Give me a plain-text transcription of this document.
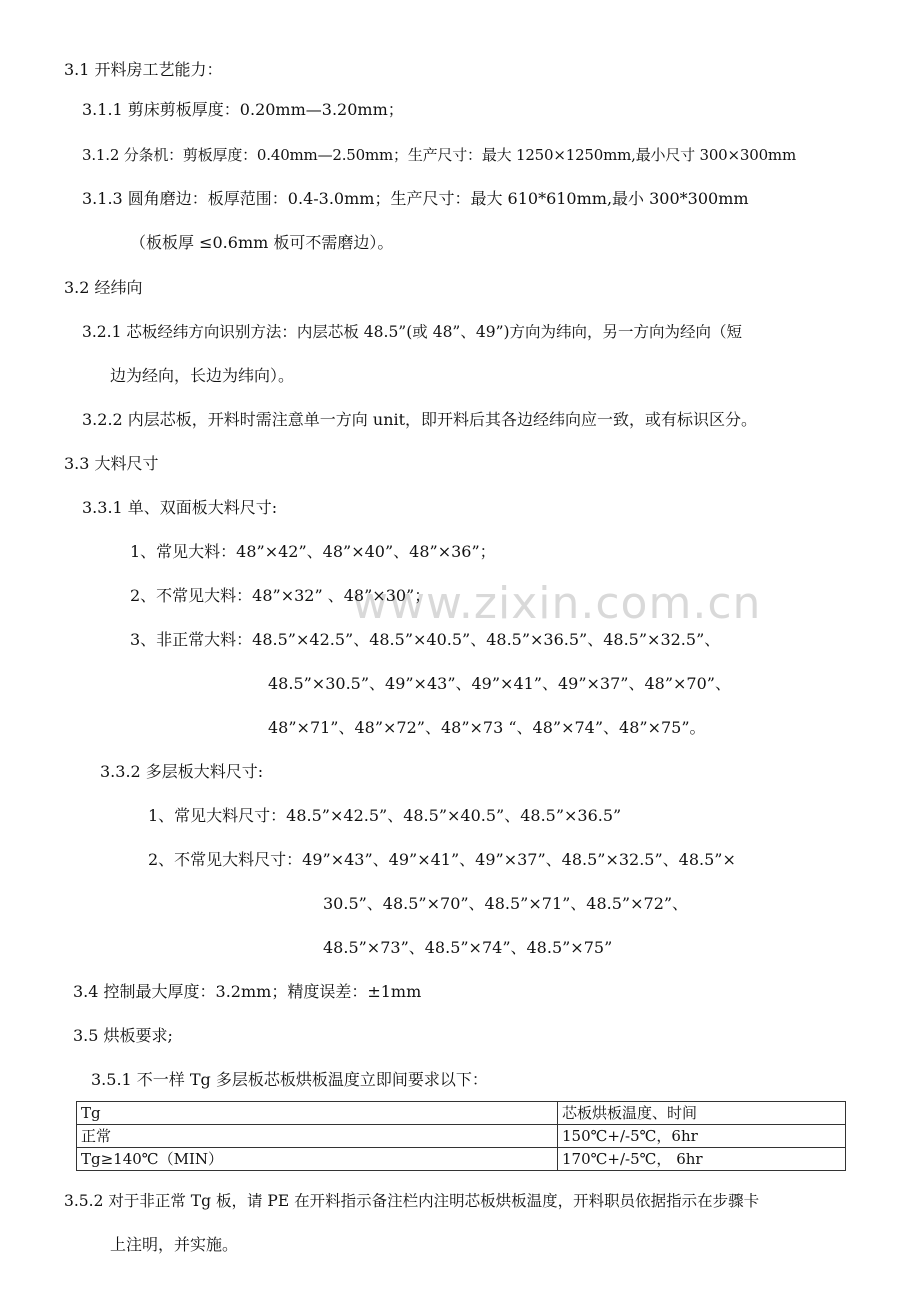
www.zixin.com.cn
3.1 开料房工艺能力：
3.1.1 剪床剪板厚度：0.20mm—3.20mm；
3.1.2 分条机：剪板厚度：0.40mm—2.50mm；生产尺寸：最大 1250×1250mm,最小尺寸 300×300mm
3.1.3 圆角磨边：板厚范围：0.4-3.0mm；生产尺寸：最大 610*610mm,最小 300*300mm
（板板厚 ≤0.6mm 板可不需磨边）。
3.2 经纬向
3.2.1 芯板经纬方向识别方法：内层芯板 48.5”(或 48”、49”)方向为纬向，另一方向为经向（短
边为经向，长边为纬向）。
3.2.2 内层芯板，开料时需注意单一方向 unit，即开料后其各边经纬向应一致，或有标识区分。
3.3 大料尺寸
3.3.1 单、双面板大料尺寸:
1、常见大料：48”×42”、48”×40”、48”×36”；
2、不常见大料：48”×32” 、48”×30”；
3、非正常大料：48.5”×42.5”、48.5”×40.5”、48.5”×36.5”、48.5”×32.5”、
48.5”×30.5”、49”×43”、49”×41”、49”×37”、48”×70”、
48”×71”、48”×72”、48”×73 “、48”×74”、48”×75”。
3.3.2 多层板大料尺寸:
1、常见大料尺寸：48.5”×42.5”、48.5”×40.5”、48.5”×36.5”
2、不常见大料尺寸：49”×43”、49”×41”、49”×37”、48.5”×32.5”、48.5”×
30.5”、48.5”×70”、48.5”×71”、48.5”×72”、
48.5”×73”、48.5”×74”、48.5”×75”
3.4 控制最大厚度：3.2mm；精度误差：±1mm
3.5 烘板要求;
3.5.1 不一样 Tg 多层板芯板烘板温度立即间要求以下：
Tg	芯板烘板温度、时间
正常	150℃+/-5℃，6hr
Tg≥140℃（MIN）	170℃+/-5℃， 6hr
3.5.2 对于非正常 Tg 板，请 PE 在开料指示备注栏内注明芯板烘板温度，开料职员依据指示在步骤卡
上注明，并实施。
